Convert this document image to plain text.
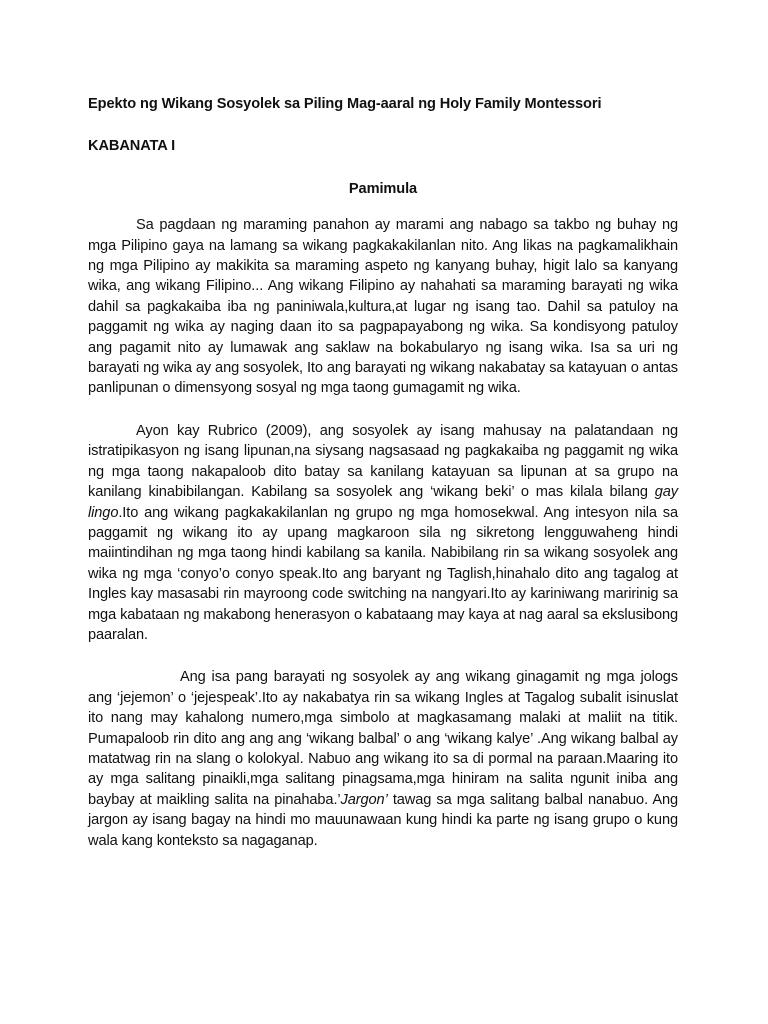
Epekto ng Wikang Sosyolek sa Piling Mag-aaral ng Holy Family Montessori

KABANATA I

Pamimula

Sa pagdaan ng maraming panahon ay marami ang nabago sa takbo ng buhay ng mga Pilipino gaya na lamang sa wikang pagkakakilanlan nito. Ang likas na pagkamalikhain ng mga Pilipino ay makikita sa maraming aspeto ng kanyang buhay, higit lalo sa kanyang wika, ang wikang Filipino... Ang wikang Filipino ay nahahati sa maraming barayati ng wika dahil sa pagkakaiba iba ng paniniwala,kultura,at lugar ng isang tao. Dahil sa patuloy na paggamit ng wika ay naging daan ito sa pagpapayabong ng wika. Sa kondisyong patuloy ang pagamit nito ay lumawak ang saklaw na bokabularyo ng isang wika. Isa sa uri ng barayati ng wika ay ang sosyolek, Ito ang barayati ng wikang nakabatay sa katayuan o antas panlipunan o dimensyong sosyal ng mga taong gumagamit ng wika.

Ayon kay Rubrico (2009), ang sosyolek ay isang mahusay na palatandaan ng istratipikasyon ng isang lipunan,na siysang nagsasaad ng pagkakaiba ng paggamit ng wika ng mga taong nakapaloob dito batay sa kanilang katayuan sa lipunan at sa grupo na kanilang kinabibilangan. Kabilang sa sosyolek ang ‘wikang beki’ o mas kilala bilang gay lingo.Ito ang wikang pagkakakilanlan ng grupo ng mga homosekwal. Ang intesyon nila sa paggamit ng wikang ito ay upang magkaroon sila ng sikretong lengguwaheng hindi maiintindihan ng mga taong hindi kabilang sa kanila. Nabibilang rin sa wikang sosyolek ang wika ng mga ‘conyo’o conyo speak.Ito ang baryant ng Taglish,hinahalo dito ang tagalog at Ingles kay masasabi rin mayroong code switching na nangyari.Ito ay kariniwang maririnig sa mga kabataan ng makabong henerasyon o kabataang may kaya at nag aaral sa ekslusibong paaralan.

Ang isa pang barayati ng sosyolek ay ang wikang ginagamit ng mga jologs ang ‘jejemon’ o ‘jejespeak’.Ito ay nakabatya rin sa wikang Ingles at Tagalog subalit isinuslat ito nang may kahalong numero,mga simbolo at magkasamang malaki at maliit na titik. Pumapaloob rin dito ang ang ang ‘wikang balbal’ o ang ‘wikang kalye’ .Ang wikang balbal ay matatwag rin na slang o kolokyal. Nabuo ang wikang ito sa di pormal na paraan.Maaring ito ay mga salitang pinaikli,mga salitang pinagsama,mga hiniram na salita ngunit iniba ang baybay at maikling salita na pinahaba.’Jargon’ tawag sa mga salitang balbal nanabuo. Ang jargon ay isang bagay na hindi mo mauunawaan kung hindi ka parte ng isang grupo o kung wala kang konteksto sa nagaganap.
